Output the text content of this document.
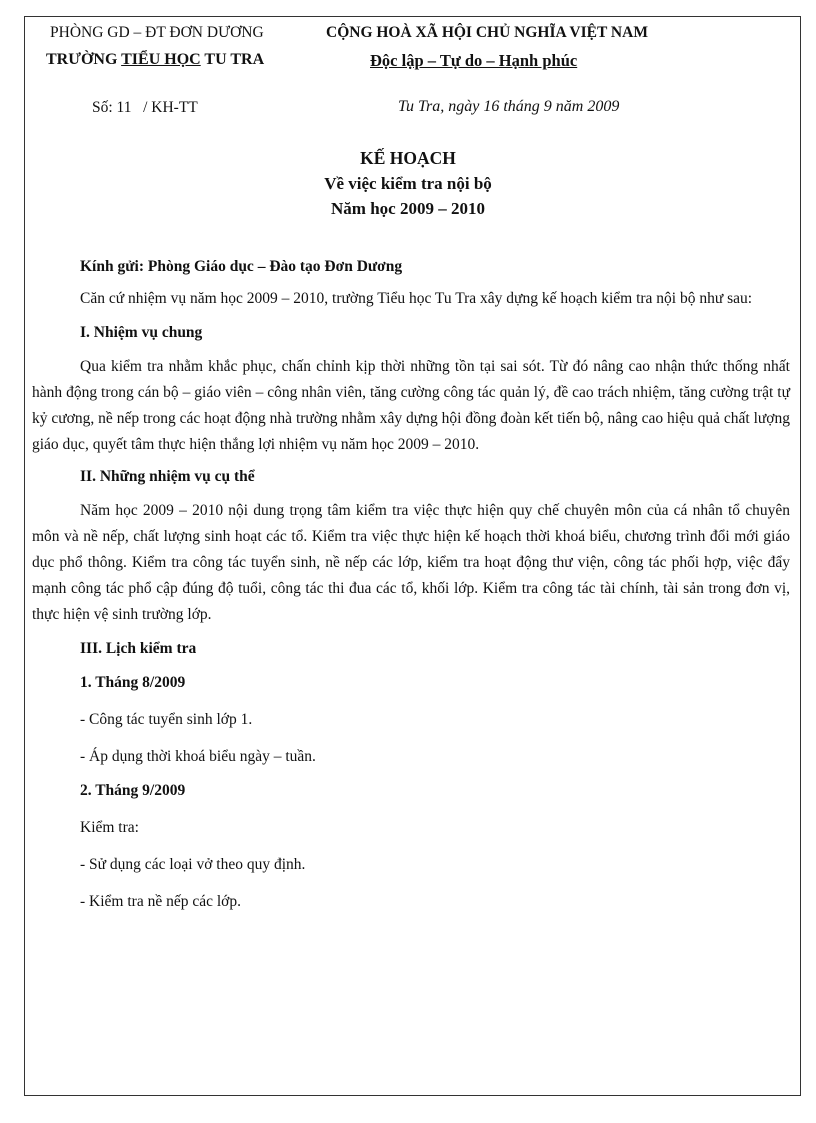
PHÒNG GD – ĐT ĐƠN DƯƠNG
TRƯỜNG TIỂU HỌC TU TRA
CỘNG HOÀ XÃ HỘI CHỦ NGHĨA VIỆT NAM
Độc lập – Tự do – Hạnh phúc
Số: 11   / KH-TT	Tu Tra, ngày 16 tháng 9 năm 2009
KẾ HOẠCH
Về việc kiểm tra nội bộ
Năm học 2009 – 2010

Kính gửi: Phòng Giáo dục – Đào tạo Đơn Dương

Căn cứ nhiệm vụ năm học 2009 – 2010, trường Tiểu học Tu Tra xây dựng kế hoạch kiểm tra nội bộ như sau:

I. Nhiệm vụ chung

Qua kiểm tra nhằm khắc phục, chấn chỉnh kịp thời những tồn tại sai sót. Từ đó nâng cao nhận thức thống nhất hành động trong cán bộ – giáo viên – công nhân viên, tăng cường công tác quản lý, đề cao trách nhiệm, tăng cường trật tự kỷ cương, nề nếp trong các hoạt động nhà trường nhằm xây dựng hội đồng đoàn kết tiến bộ, nâng cao hiệu quả chất lượng giáo dục, quyết tâm thực hiện thắng lợi nhiệm vụ năm học 2009 – 2010.

II. Những nhiệm vụ cụ thể

Năm học 2009 – 2010 nội dung trọng tâm kiểm tra việc thực hiện quy chế chuyên môn của cá nhân tổ chuyên môn và nề nếp, chất lượng sinh hoạt các tổ. Kiểm tra việc thực hiện kế hoạch thời khoá biểu, chương trình đổi mới giáo dục phổ thông. Kiểm tra công tác tuyển sinh, nề nếp các lớp, kiểm tra hoạt động thư viện, công tác phối hợp, việc đẩy mạnh công tác phổ cập đúng độ tuổi, công tác thi đua các tổ, khối lớp. Kiểm tra công tác tài chính, tài sản trong đơn vị, thực hiện vệ sinh trường lớp.

III. Lịch kiểm tra

1. Tháng 8/2009

- Công tác tuyển sinh lớp 1.

- Áp dụng thời khoá biểu ngày – tuần.

2. Tháng 9/2009

Kiểm tra:

- Sử dụng các loại vở theo quy định.

- Kiểm tra nề nếp các lớp.
